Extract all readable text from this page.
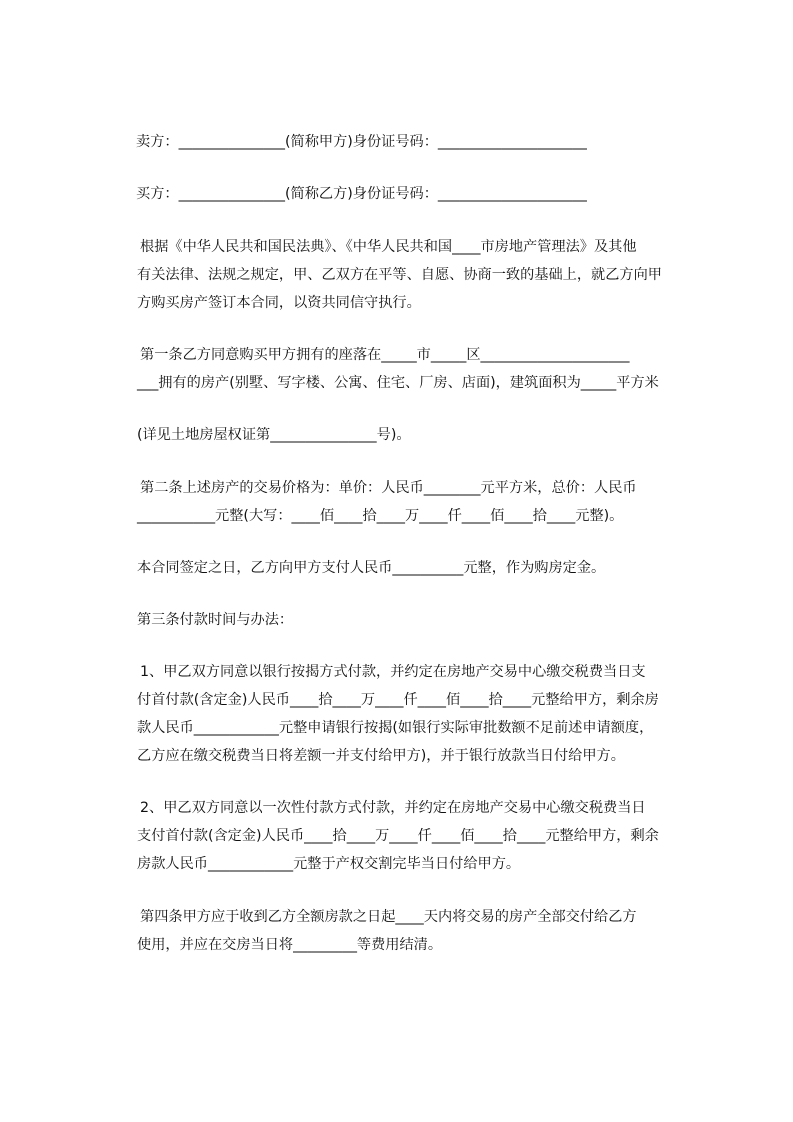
卖方：_______________(简称甲方)身份证号码：_____________________
买方：_______________(简称乙方)身份证号码：_____________________
根据《中华人民共和国民法典》、《中华人民共和国____市房地产管理法》及其他
有关法律、法规之规定，甲、乙双方在平等、自愿、协商一致的基础上，就乙方向甲
方购买房产签订本合同，以资共同信守执行。
第一条乙方同意购买甲方拥有的座落在_____市_____区_____________________
___拥有的房产(别墅、写字楼、公寓、住宅、厂房、店面)，建筑面积为_____平方米
(详见土地房屋权证第_______________号)。
第二条上述房产的交易价格为：单价：人民币________元平方米，总价：人民币
___________元整(大写：____佰____拾____万____仟____佰____拾____元整)。
本合同签定之日，乙方向甲方支付人民币__________元整，作为购房定金。
第三条付款时间与办法：
1、甲乙双方同意以银行按揭方式付款，并约定在房地产交易中心缴交税费当日支
付首付款(含定金)人民币____拾____万____仟____佰____拾____元整给甲方，剩余房
款人民币____________元整申请银行按揭(如银行实际审批数额不足前述申请额度，
乙方应在缴交税费当日将差额一并支付给甲方)，并于银行放款当日付给甲方。
2、甲乙双方同意以一次性付款方式付款，并约定在房地产交易中心缴交税费当日
支付首付款(含定金)人民币____拾____万____仟____佰____拾____元整给甲方，剩余
房款人民币____________元整于产权交割完毕当日付给甲方。
第四条甲方应于收到乙方全额房款之日起____天内将交易的房产全部交付给乙方
使用，并应在交房当日将_________等费用结清。
